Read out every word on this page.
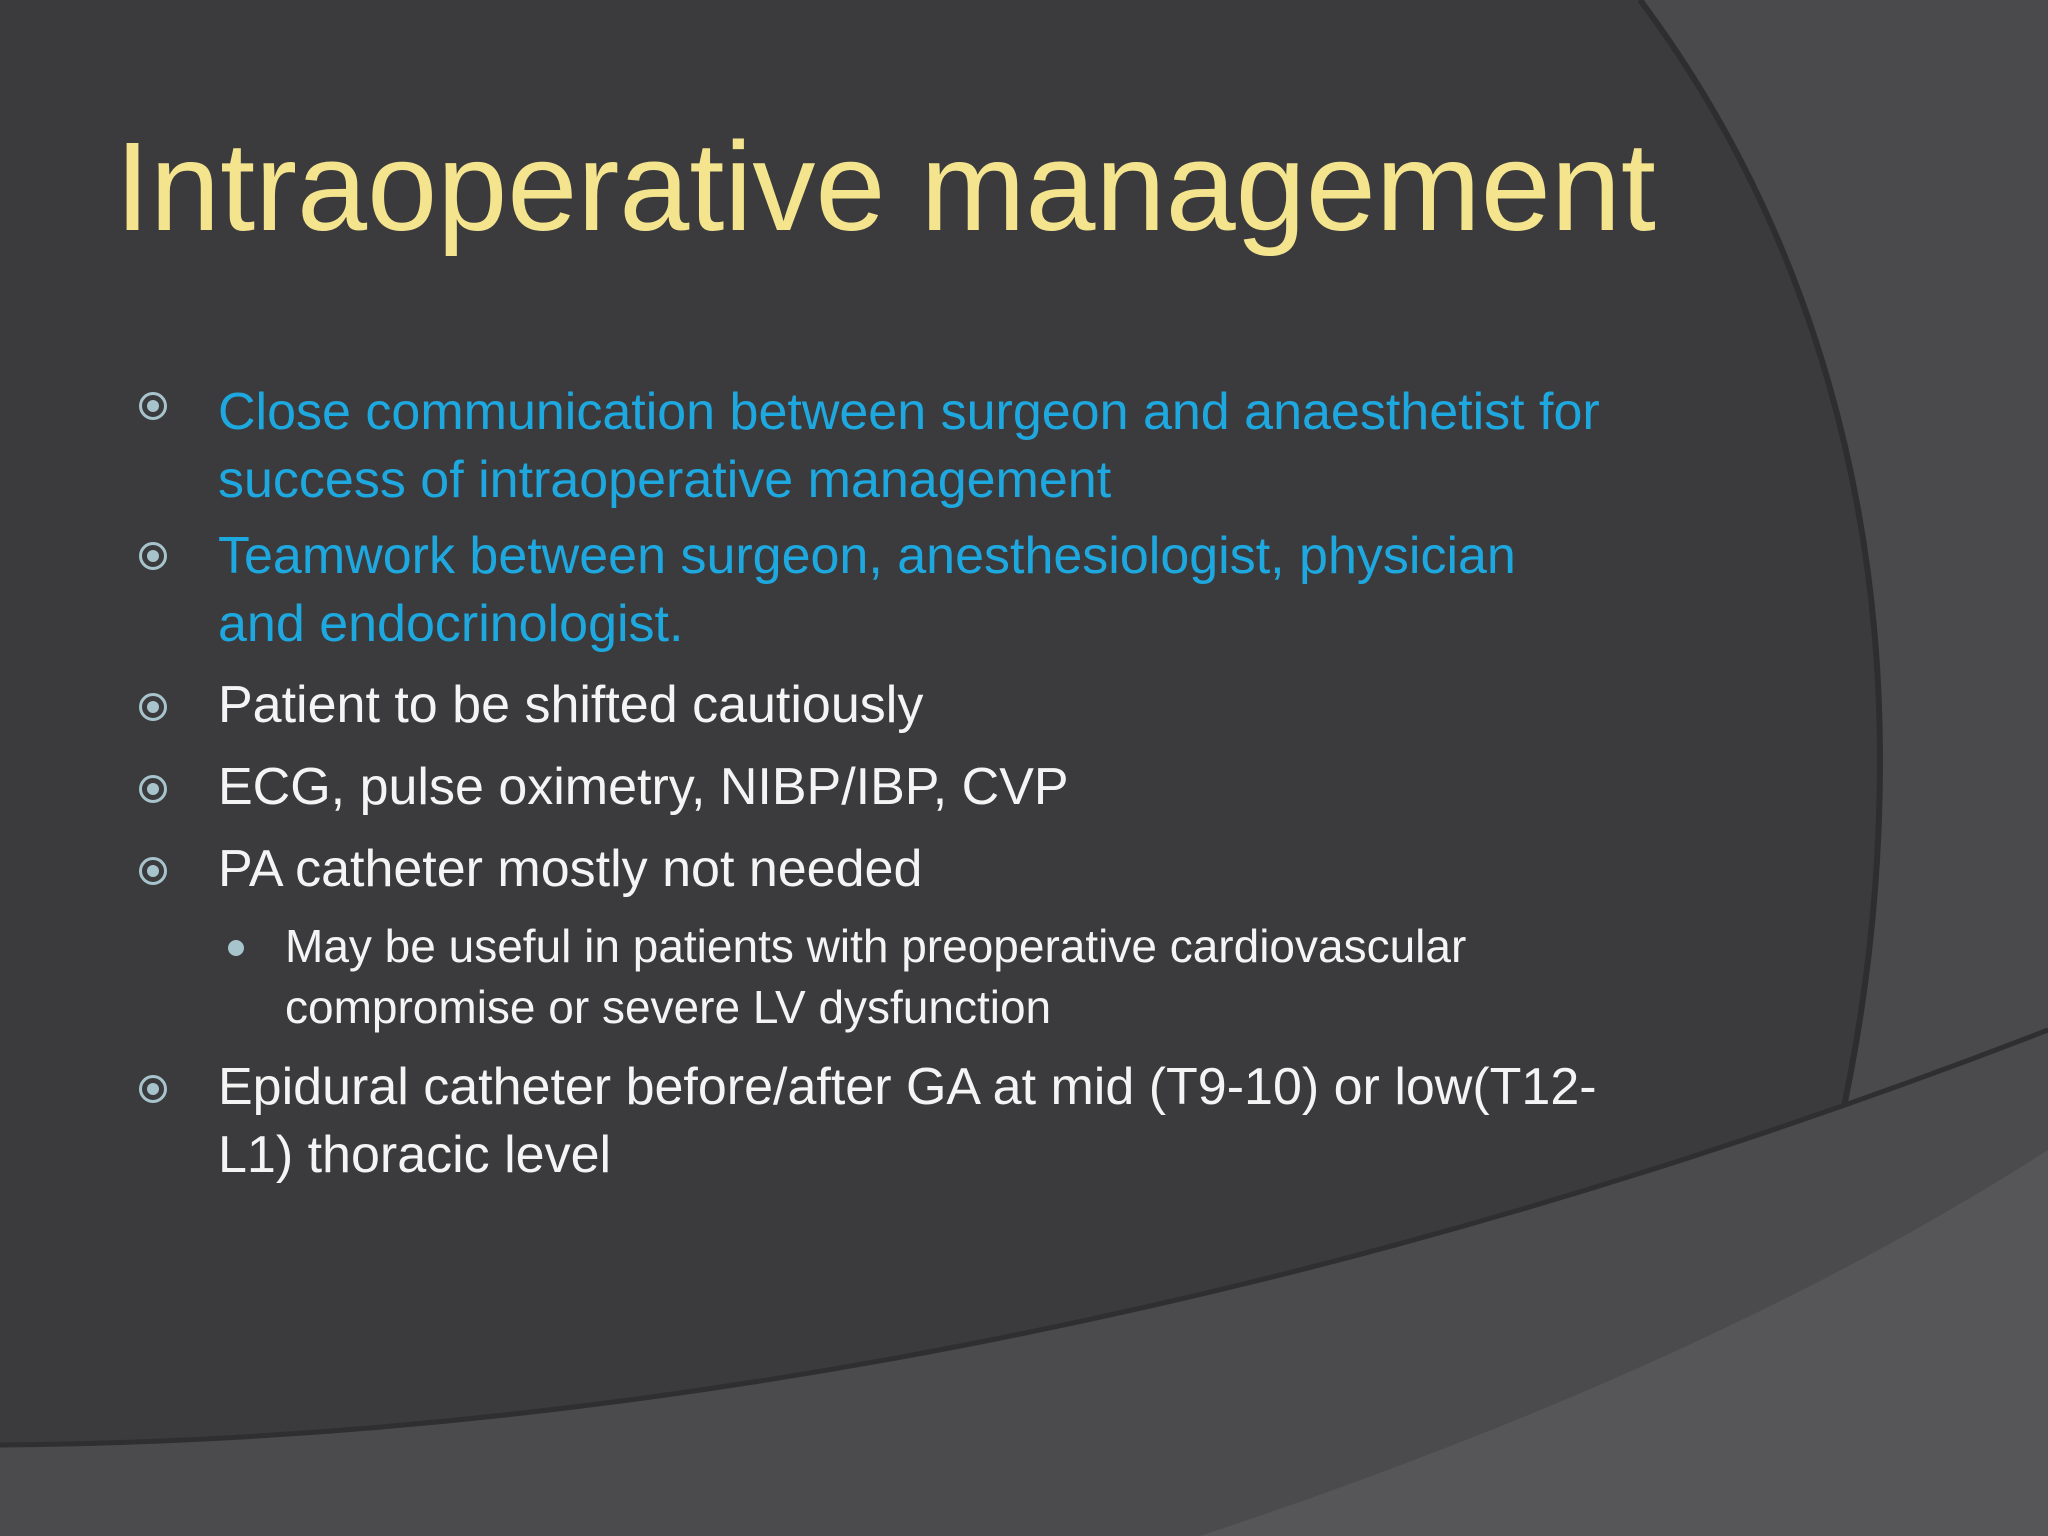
Intraoperative management

Close communication between surgeon and anaesthetist for
success of intraoperative management

Teamwork between surgeon, anesthesiologist, physician
and endocrinologist.

Patient to be shifted cautiously

ECG, pulse oximetry, NIBP/IBP, CVP

PA catheter mostly not needed

May be useful in patients with preoperative cardiovascular
compromise or severe LV dysfunction

Epidural catheter before/after GA at mid (T9-10) or low(T12-
L1) thoracic level
